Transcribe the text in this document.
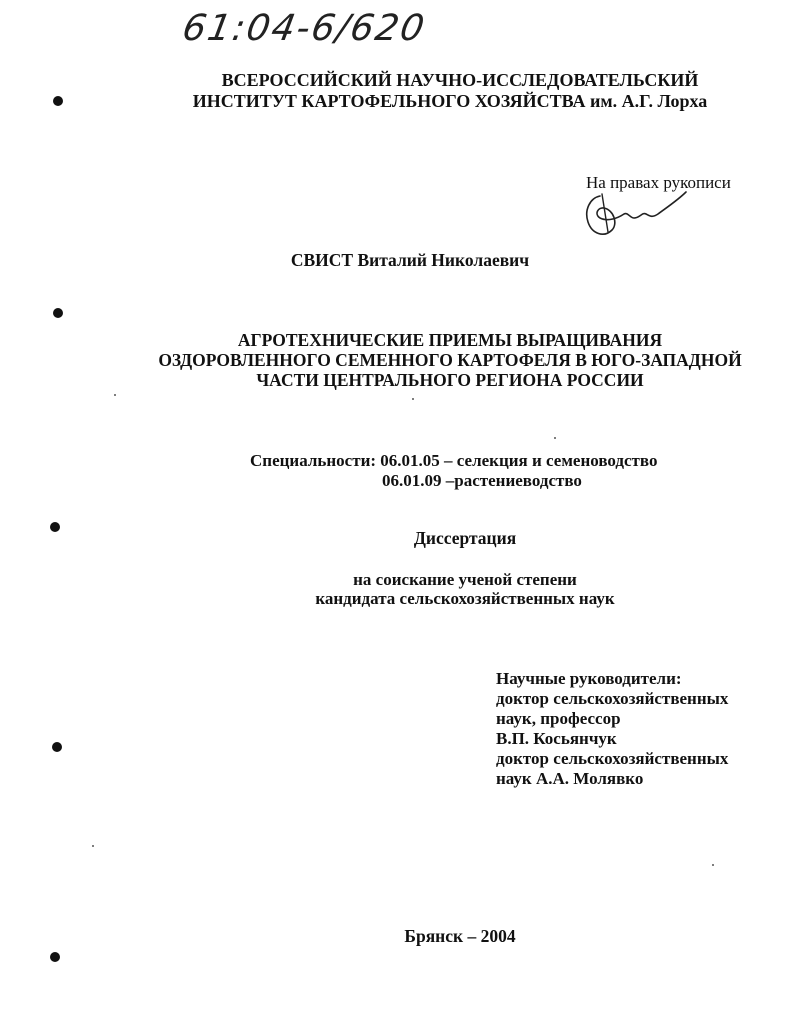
61:04-6/620
ВСЕРОССИЙСКИЙ НАУЧНО-ИССЛЕДОВАТЕЛЬСКИЙ
ИНСТИТУТ КАРТОФЕЛЬНОГО ХОЗЯЙСТВА им. А.Г. Лорха
На правах рукописи
СВИСТ Виталий Николаевич
АГРОТЕХНИЧЕСКИЕ ПРИЕМЫ ВЫРАЩИВАНИЯ
ОЗДОРОВЛЕННОГО СЕМЕННОГО КАРТОФЕЛЯ В ЮГО-ЗАПАДНОЙ
ЧАСТИ ЦЕНТРАЛЬНОГО РЕГИОНА РОССИИ
Специальности: 06.01.05 – селекция и семеноводство
06.01.09 –растениеводство
Диссертация
на соискание ученой степени
кандидата сельскохозяйственных наук
Научные руководители:
доктор сельскохозяйственных
наук, профессор
В.П. Косьянчук
доктор сельскохозяйственных
наук А.А. Молявко
Брянск – 2004
